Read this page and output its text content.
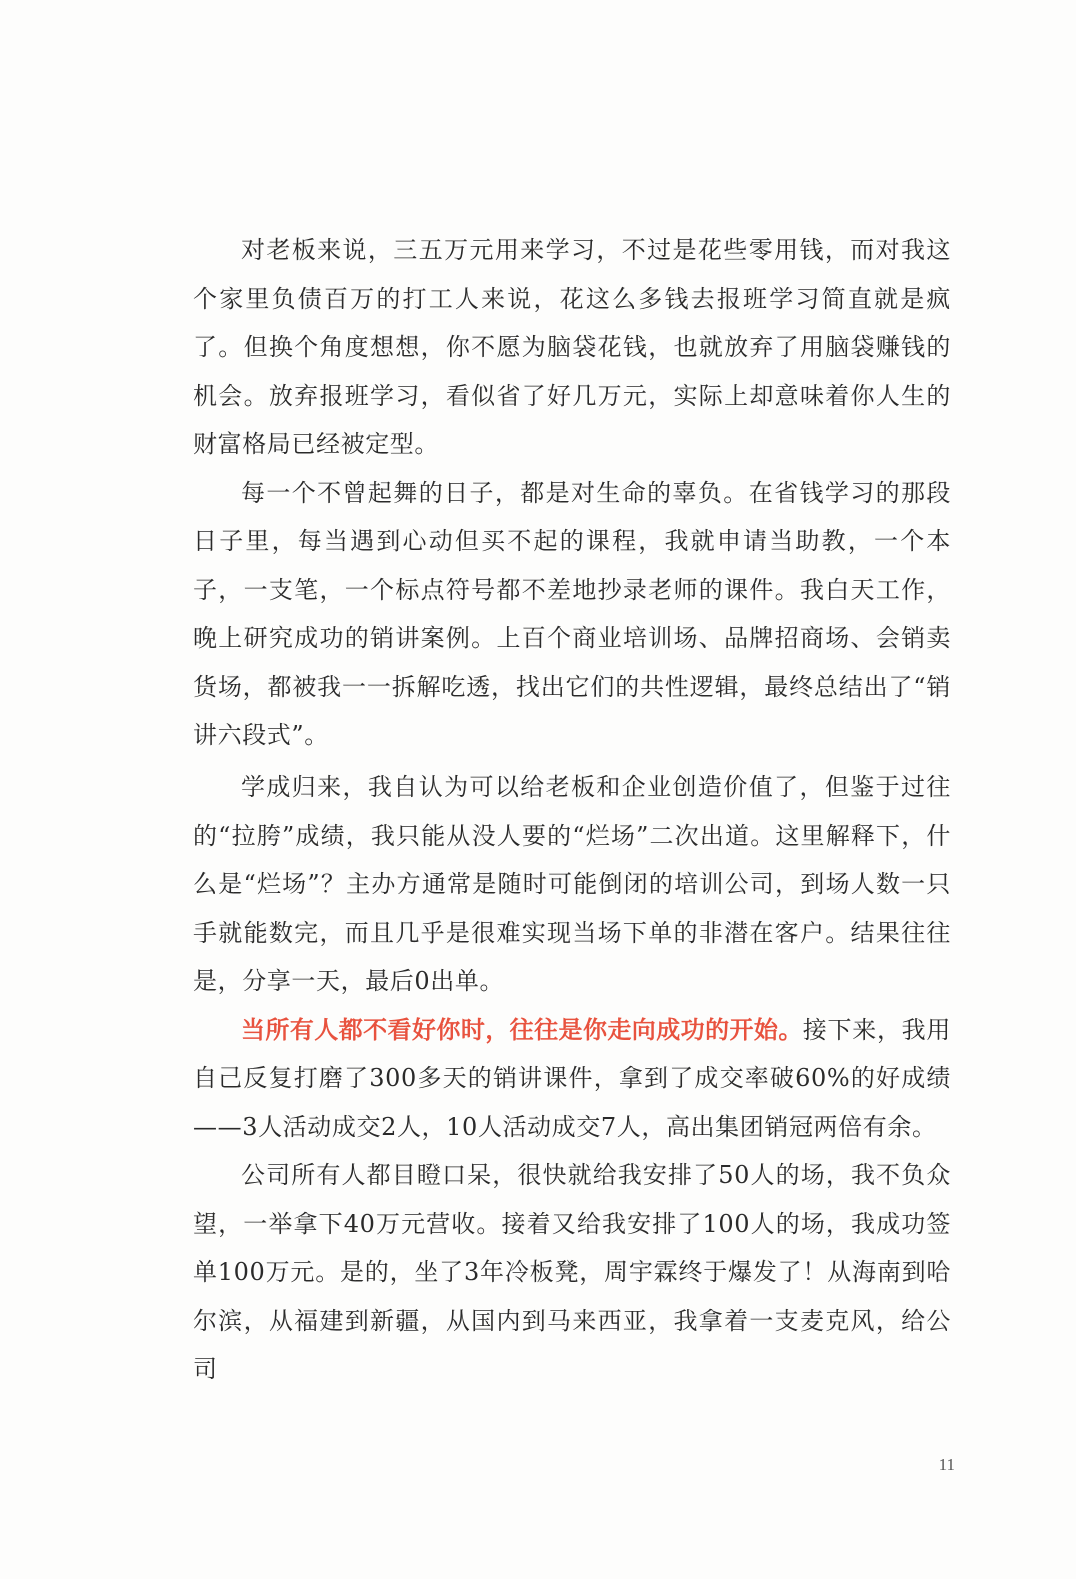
对老板来说，三五万元用来学习，不过是花些零用钱，而对我这个家里负债百万的打工人来说，花这么多钱去报班学习简直就是疯了。但换个角度想想，你不愿为脑袋花钱，也就放弃了用脑袋赚钱的机会。放弃报班学习，看似省了好几万元，实际上却意味着你人生的财富格局已经被定型。

每一个不曾起舞的日子，都是对生命的辜负。在省钱学习的那段日子里，每当遇到心动但买不起的课程，我就申请当助教，一个本子，一支笔，一个标点符号都不差地抄录老师的课件。我白天工作，晚上研究成功的销讲案例。上百个商业培训场、品牌招商场、会销卖货场，都被我一一拆解吃透，找出它们的共性逻辑，最终总结出了“销讲六段式”。

学成归来，我自认为可以给老板和企业创造价值了，但鉴于过往的“拉胯”成绩，我只能从没人要的“烂场”二次出道。这里解释下，什么是“烂场”？主办方通常是随时可能倒闭的培训公司，到场人数一只手就能数完，而且几乎是很难实现当场下单的非潜在客户。结果往往是，分享一天，最后0出单。

当所有人都不看好你时，往往是你走向成功的开始。接下来，我用自己反复打磨了300多天的销讲课件，拿到了成交率破60%的好成绩——3人活动成交2人，10人活动成交7人，高出集团销冠两倍有余。

公司所有人都目瞪口呆，很快就给我安排了50人的场，我不负众望，一举拿下40万元营收。接着又给我安排了100人的场，我成功签单100万元。是的，坐了3年冷板凳，周宇霖终于爆发了！从海南到哈尔滨，从福建到新疆，从国内到马来西亚，我拿着一支麦克风，给公司

11
